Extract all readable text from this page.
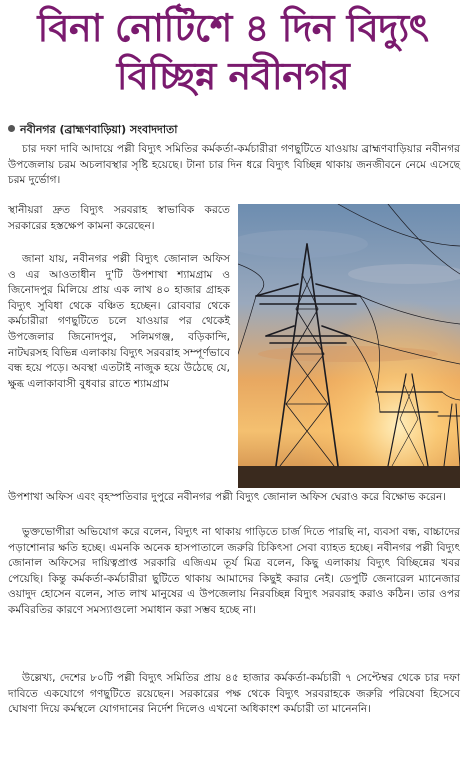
বিনা নোটিশে ৪ দিন বিদ্যুৎ
বিচ্ছিন্ন নবীনগর
নবীনগর (ব্রাহ্মণবাড়িয়া) সংবাদদাতা

চার দফা দাবি আদায়ে পল্লী বিদ্যুৎ সমিতির কর্মকর্তা-কর্মচারীরা গণছুটিতে যাওয়ায় ব্রাহ্মণবাড়িয়ার নবীনগর উপজেলায় চরম অচলাবস্থার সৃষ্টি হয়েছে। টানা চার দিন ধরে বিদ্যুৎ বিচ্ছিন্ন থাকায় জনজীবনে নেমে এসেছে চরম দুর্ভোগ।

স্থানীয়রা দ্রুত বিদ্যুৎ সরবরাহ স্বাভাবিক করতে সরকারের হস্তক্ষেপ কামনা করেছেন।

জানা যায়, নবীনগর পল্লী বিদ্যুৎ জোনাল অফিস ও এর আওতাধীন দু'টি উপশাখা শ্যামগ্রাম ও জিনোদপুর মিলিয়ে প্রায় এক লাখ ৪০ হাজার গ্রাহক বিদ্যুৎ সুবিধা থেকে বঞ্চিত হচ্ছেন। রোববার থেকে কর্মচারীরা গণছুটিতে চলে যাওয়ার পর থেকেই উপজেলার জিনোদপুর, সলিমগঞ্জ, বড়িকান্দি, নাটঘরসহ বিভিন্ন এলাকায় বিদ্যুৎ সরবরাহ সম্পূর্ণভাবে বন্ধ হয়ে পড়ে। অবস্থা এতটাই নাজুক হয়ে উঠেছে যে, ক্ষুব্ধ এলাকাবাসী বুধবার রাতে শ্যামগ্রাম

উপশাখা অফিস এবং বৃহস্পতিবার দুপুরে নবীনগর পল্লী বিদ্যুৎ জোনাল অফিস ঘেরাও করে বিক্ষোভ করেন।

ভুক্তভোগীরা অভিযোগ করে বলেন, বিদ্যুৎ না থাকায় গাড়িতে চার্জ দিতে পারছি না, ব্যবসা বন্ধ, বাচ্চাদের পড়াশোনার ক্ষতি হচ্ছে। এমনকি অনেক হাসপাতালে জরুরি চিকিৎসা সেবা ব্যাহত হচ্ছে। নবীনগর পল্লী বিদ্যুৎ জোনাল অফিসের দায়িত্বপ্রাপ্ত সরকারি এজিএম তূর্য মিত্র বলেন, কিছু এলাকায় বিদ্যুৎ বিচ্ছিন্নের খবর পেয়েছি। কিন্তু কর্মকর্তা-কর্মচারীরা ছুটিতে থাকায় আমাদের কিছুই করার নেই। ডেপুটি জেনারেল ম্যানেজার ওয়াদুদ হোসেন বলেন, সাত লাখ মানুষের এ উপজেলায় নিরবচ্ছিন্ন বিদ্যুৎ সরবরাহ করাও কঠিন। তার ওপর কর্মবিরতির কারণে সমস্যাগুলো সমাধান করা সম্ভব হচ্ছে না।

উল্লেখ্য, দেশের ৮০টি পল্লী বিদ্যুৎ সমিতির প্রায় ৪৫ হাজার কর্মকর্তা-কর্মচারী ৭ সেপ্টেম্বর থেকে চার দফা দাবিতে একযোগে গণছুটিতে রয়েছেন। সরকারের পক্ষ থেকে বিদ্যুৎ সরবরাহকে জরুরি পরিষেবা হিসেবে ঘোষণা দিয়ে কর্মস্থলে যোগদানের নির্দেশ দিলেও এখনো অধিকাংশ কর্মচারী তা মানেননি।
